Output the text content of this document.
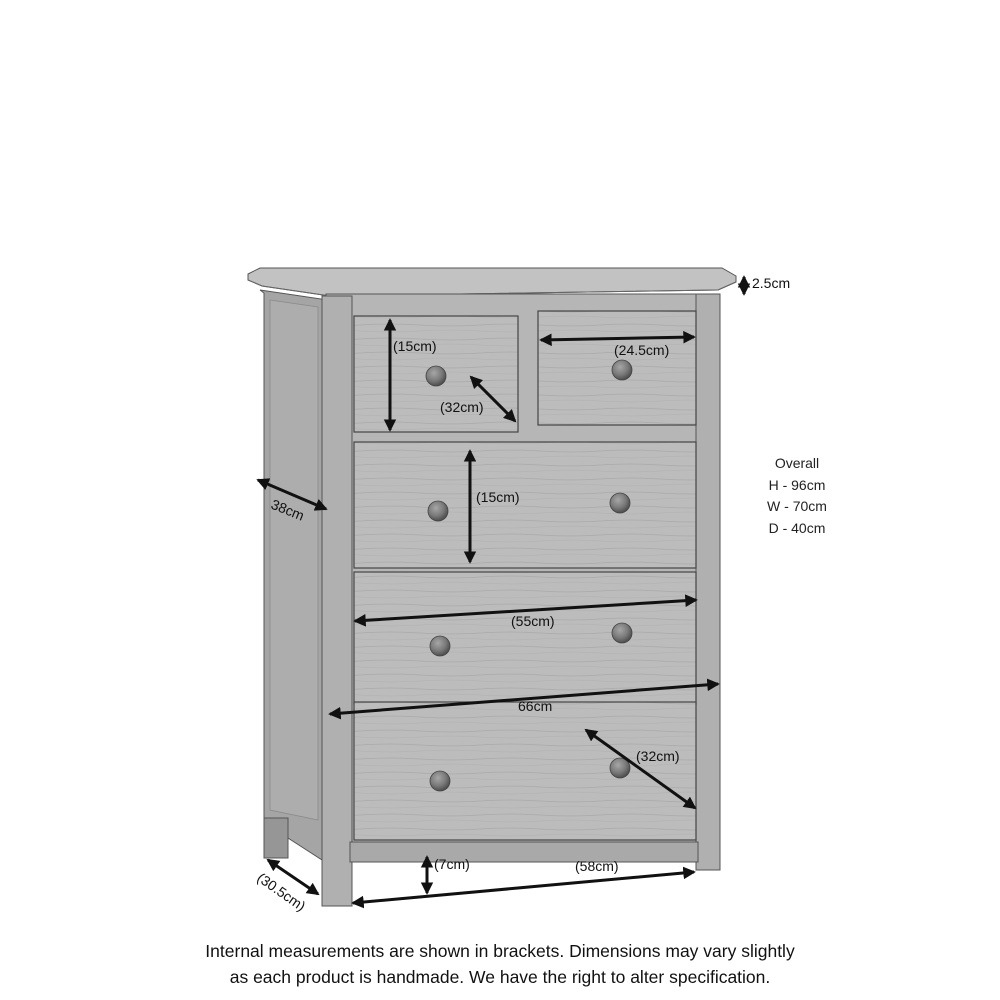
2.5cm
38cm
(15cm)
(32cm)
(24.5cm)
(15cm)
(55cm)
66cm
(32cm)
(30.5cm)
(7cm)	(58cm)
Overall
H - 96cm
W - 70cm
D - 40cm
Internal measurements are shown in brackets. Dimensions may vary slightly
as each product is handmade. We have the right to alter specification.
